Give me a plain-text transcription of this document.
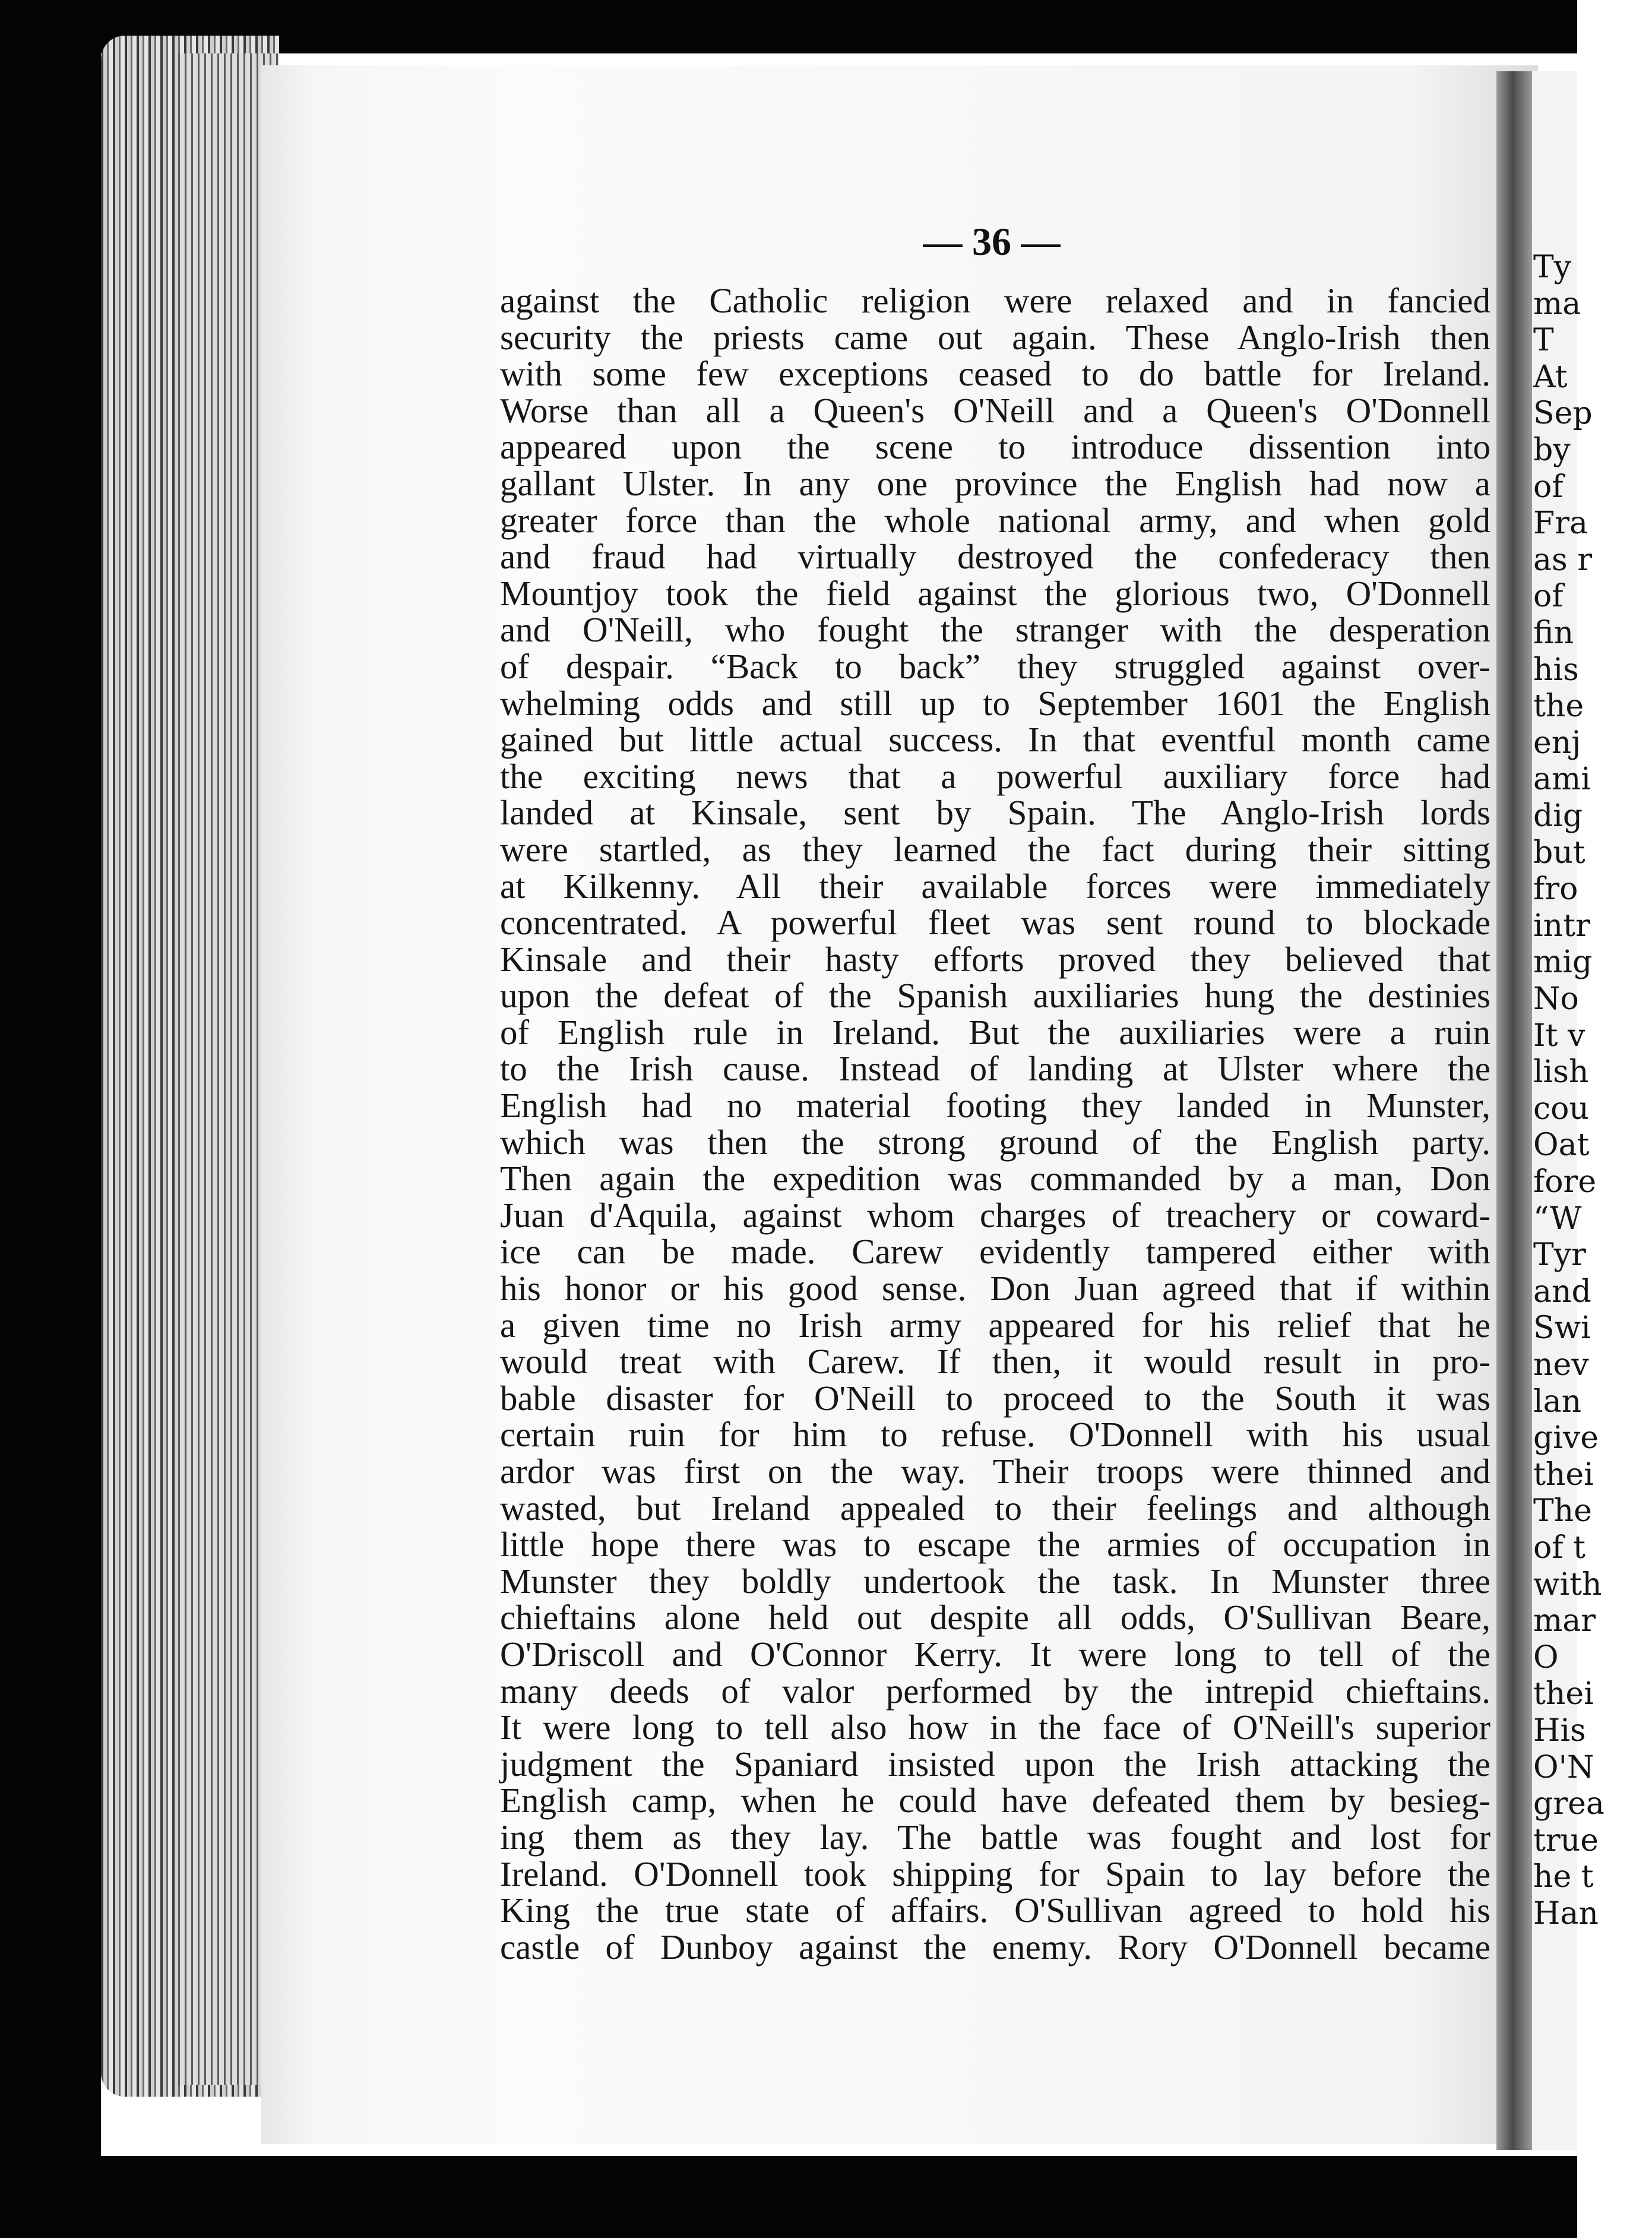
— 36 —
against the Catholic religion were relaxed and in fancied
security the priests came out again. These Anglo-Irish then
with some few exceptions ceased to do battle for Ireland.
Worse than all a Queen's O'Neill and a Queen's O'Donnell
appeared upon the scene to introduce dissention into
gallant Ulster. In any one province the English had now a
greater force than the whole national army, and when gold
and fraud had virtually destroyed the confederacy then
Mountjoy took the field against the glorious two, O'Donnell
and O'Neill, who fought the stranger with the desperation
of despair. “Back to back” they struggled against over-
whelming odds and still up to September 1601 the English
gained but little actual success. In that eventful month came
the exciting news that a powerful auxiliary force had
landed at Kinsale, sent by Spain. The Anglo-Irish lords
were startled, as they learned the fact during their sitting
at Kilkenny. All their available forces were immediately
concentrated. A powerful fleet was sent round to blockade
Kinsale and their hasty efforts proved they believed that
upon the defeat of the Spanish auxiliaries hung the destinies
of English rule in Ireland. But the auxiliaries were a ruin
to the Irish cause. Instead of landing at Ulster where the
English had no material footing they landed in Munster,
which was then the strong ground of the English party.
Then again the expedition was commanded by a man, Don
Juan d'Aquila, against whom charges of treachery or coward-
ice can be made. Carew evidently tampered either with
his honor or his good sense. Don Juan agreed that if within
a given time no Irish army appeared for his relief that he
would treat with Carew. If then, it would result in pro-
bable disaster for O'Neill to proceed to the South it was
certain ruin for him to refuse. O'Donnell with his usual
ardor was first on the way. Their troops were thinned and
wasted, but Ireland appealed to their feelings and although
little hope there was to escape the armies of occupation in
Munster they boldly undertook the task. In Munster three
chieftains alone held out despite all odds, O'Sullivan Beare,
O'Driscoll and O'Connor Kerry. It were long to tell of the
many deeds of valor performed by the intrepid chieftains.
It were long to tell also how in the face of O'Neill's superior
judgment the Spaniard insisted upon the Irish attacking the
English camp, when he could have defeated them by besieg-
ing them as they lay. The battle was fought and lost for
Ireland. O'Donnell took shipping for Spain to lay before the
King the true state of affairs. O'Sullivan agreed to hold his
castle of Dunboy against the enemy. Rory O'Donnell became
Ty
ma
T
At
Sep
by
of
Fra
as r
of
fin
his
the
enj
ami
dig
but
fro
intr
mig
No
It v
lish
cou
Oat
fore
“W
Tyr
and
Swi
nev
lan
give
thei
The
of t
with
mar
O
thei
His
O'N
grea
true
he t
Han
